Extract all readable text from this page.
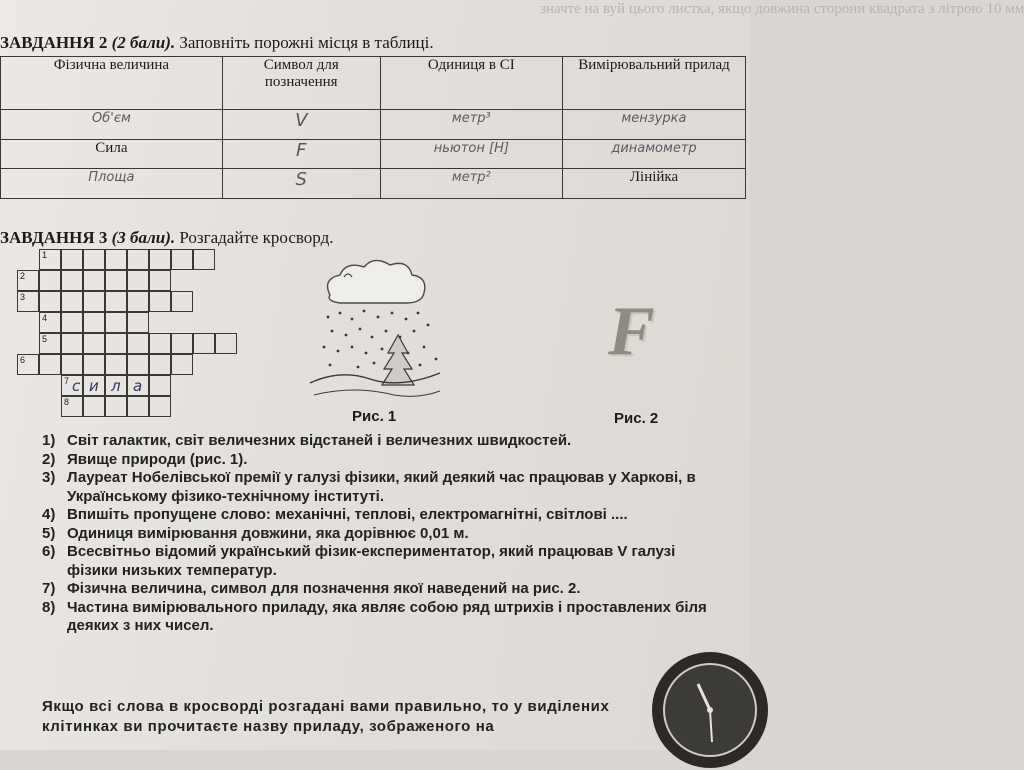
значте на вуй цього листка, якщо довжина сторони квадрата з літрою 10 мм
ЗАВДАННЯ 2 (2 бали). Заповніть порожні місця в таблиці.
Фізична величина	Символ для позначення	Одиниця в СІ	Вимірювальний прилад
Об'єм	V	метр³	мензурка
Сила	F	ньютон [Н]	динамометр
Площа	S	метр²	Лінійка
ЗАВДАННЯ 3 (3 бали). Розгадайте кросворд.
1
2
3
4
5
6
7 с и л а
8
Рис. 1
F
Рис. 2
1) Світ галактик, світ величезних відстаней і величезних швидкостей.
2) Явище природи (рис. 1).
3) Лауреат Нобелівської премії у галузі фізики, який деякий час працював у Харкові, в Українському фізико-технічному інституті.
4) Впишіть пропущене слово: механічні, теплові, електромагнітні, світлові ....
5) Одиниця вимірювання довжини, яка дорівнює 0,01 м.
6) Всесвітньо відомий український фізик-експериментатор, який працював V галузі фізики низьких температур.
7) Фізична величина, символ для позначення якої наведений на рис. 2.
8) Частина вимірювального приладу, яка являє собою ряд штрихів і проставлених біля деяких з них чисел.
Якщо всі слова в кросворді розгадані вами правильно, то у виділених клітинках ви прочитаєте назву приладу, зображеного на
